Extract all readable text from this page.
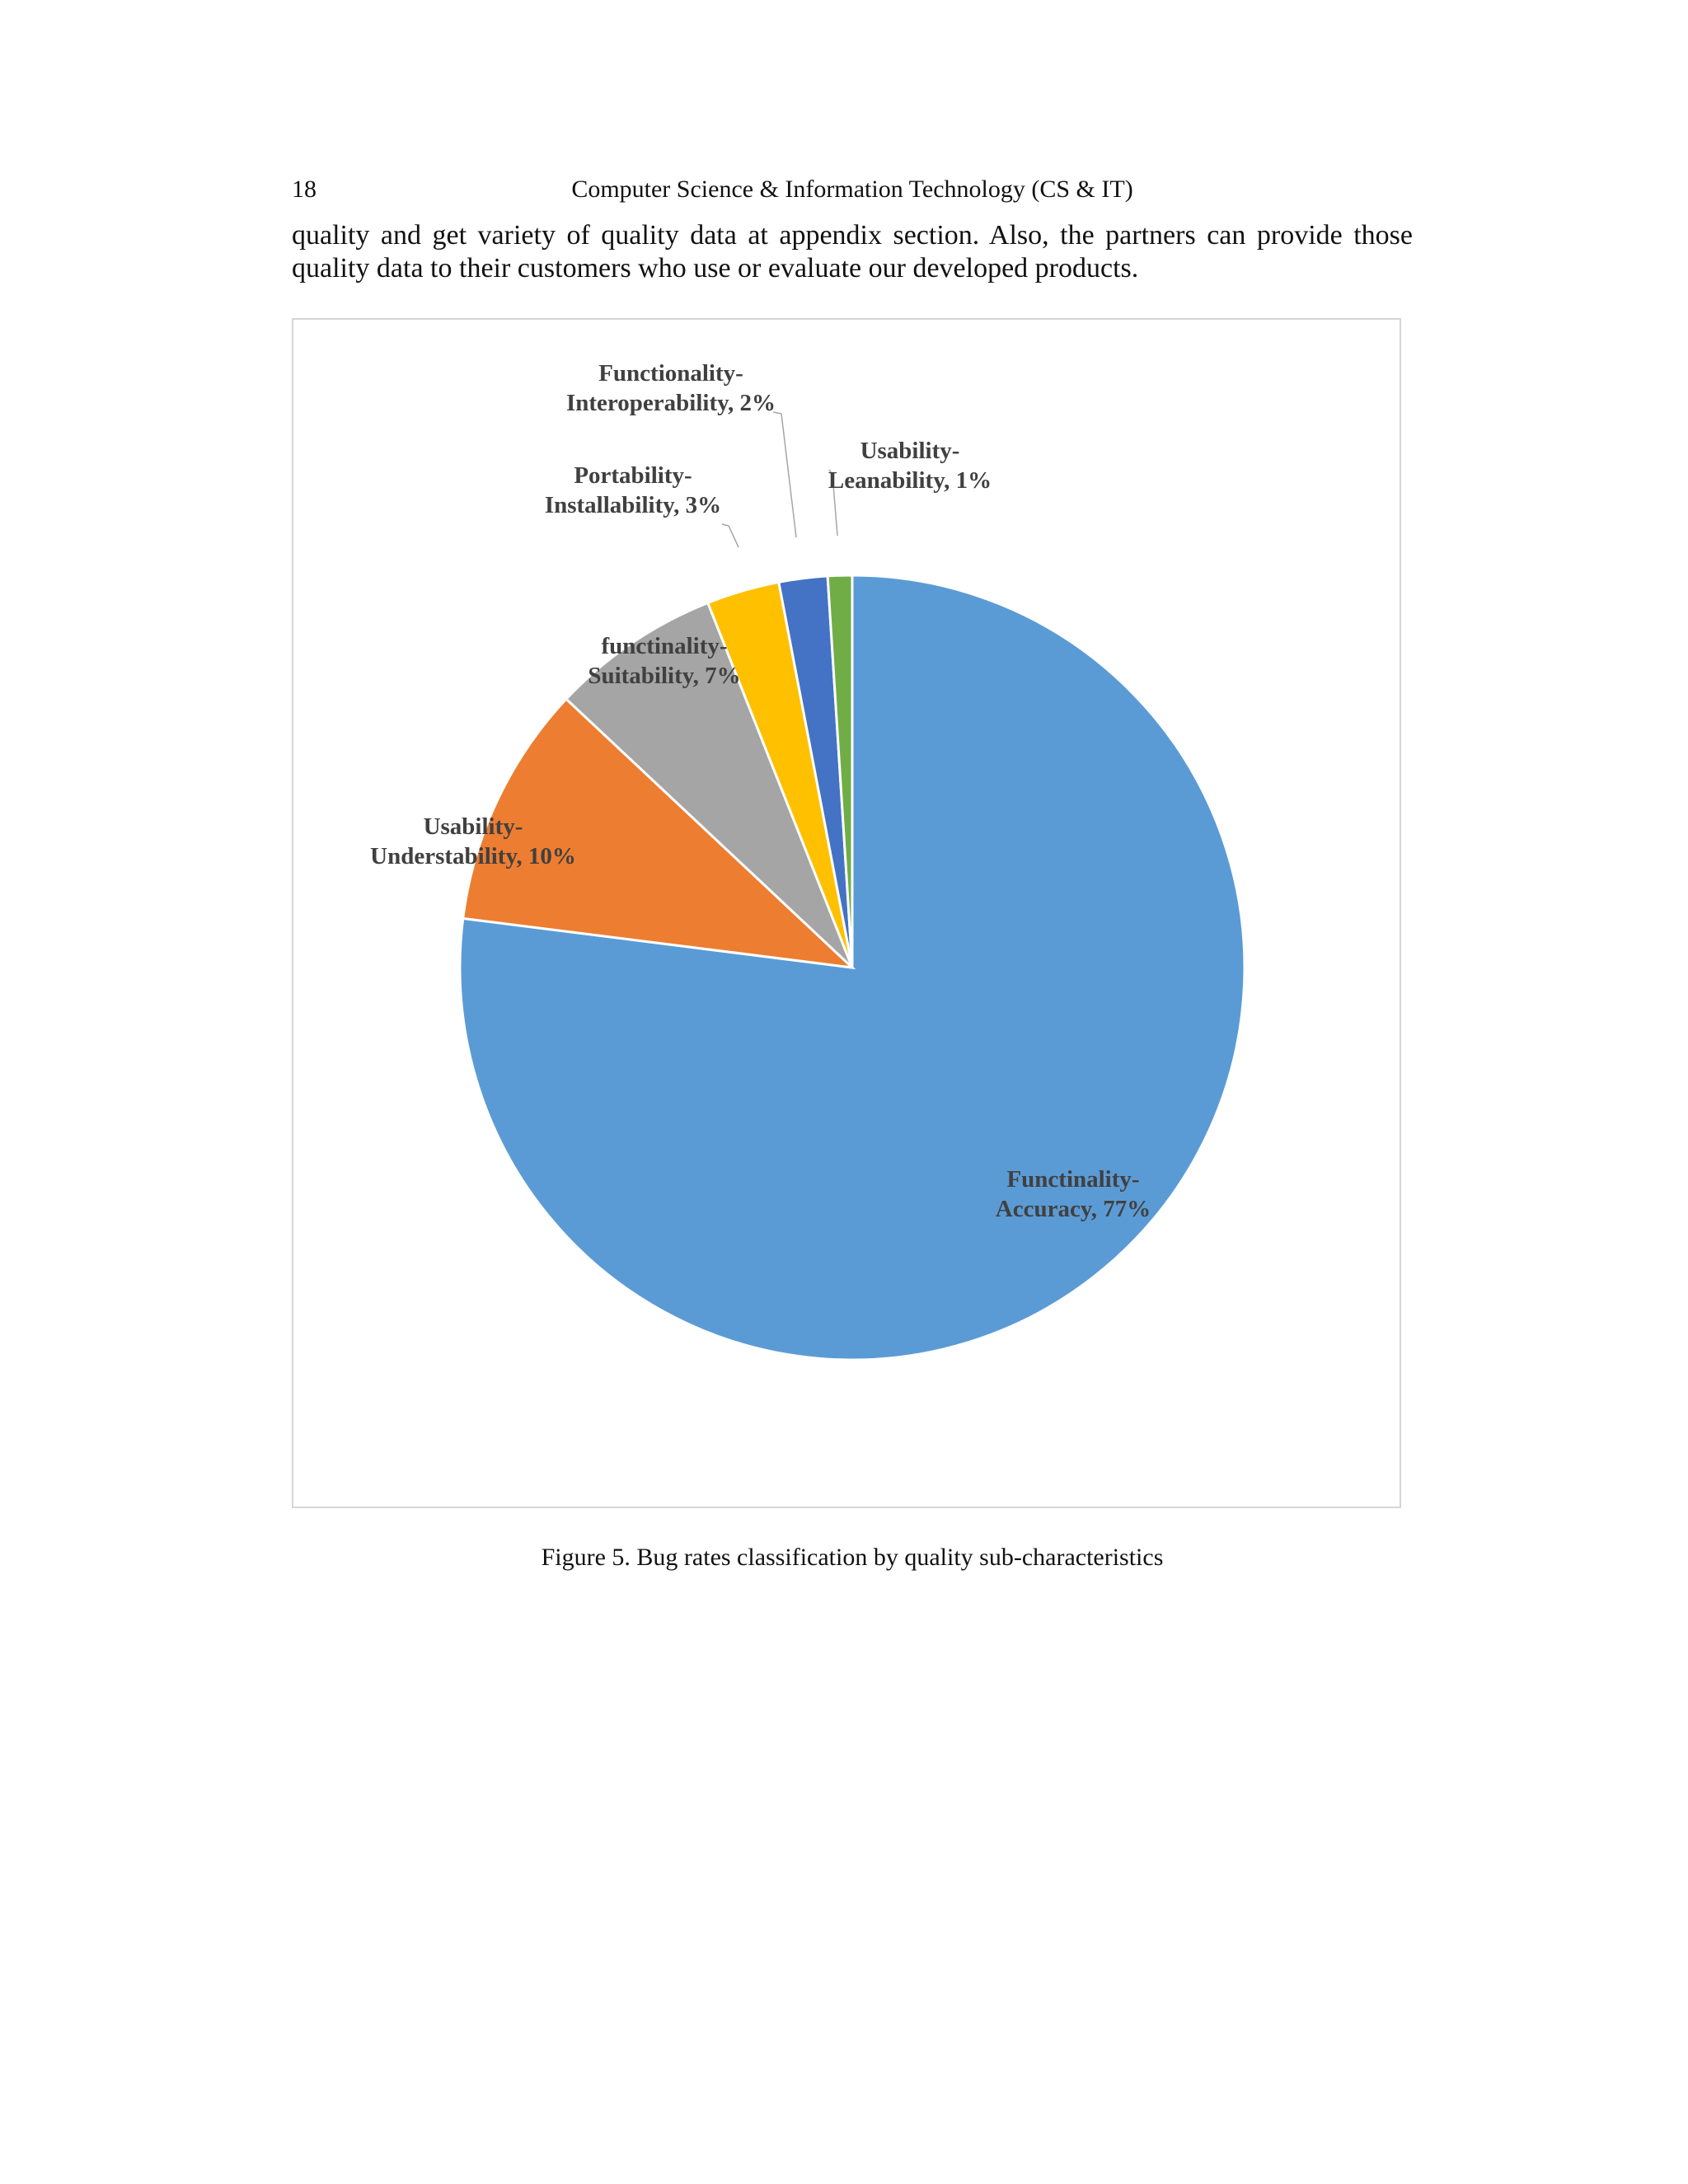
18	Computer Science & Information Technology (CS & IT)

quality and get variety of quality data at appendix section. Also, the partners can provide those quality data to their customers who use or evaluate our developed products.

Functinality-Accuracy, 77%
Usability-Understability, 10%
functinality-Suitability, 7%
Portability-Installability, 3%
Functionality-Interoperability, 2%
Usability-Leanability, 1%

Figure 5. Bug rates classification by quality sub-characteristics
